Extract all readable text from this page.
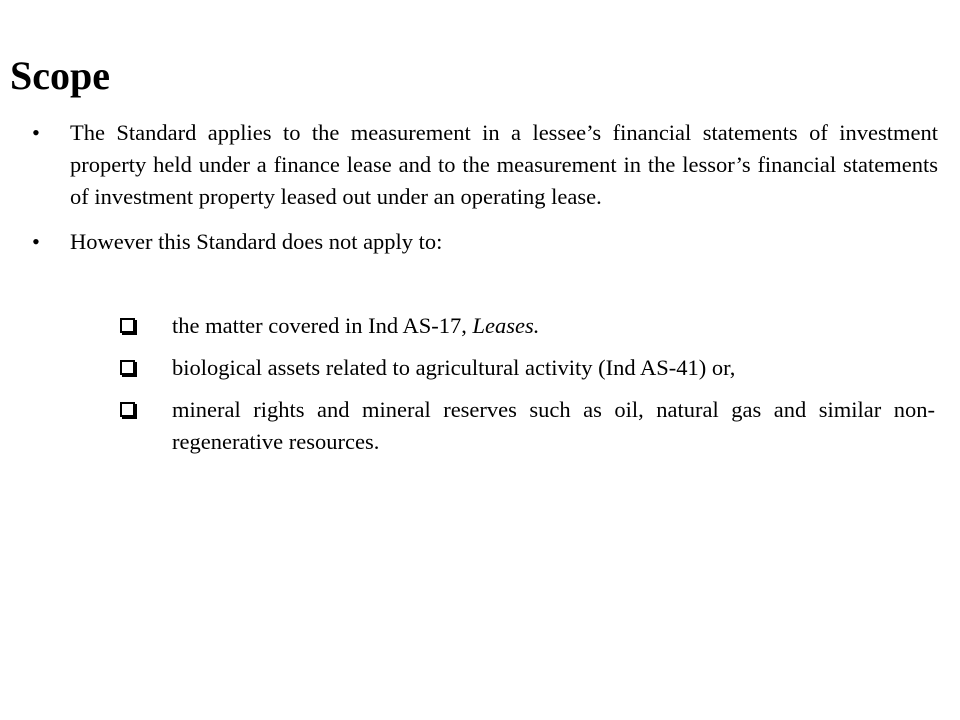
Scope
•	The Standard applies to the measurement in a lessee’s financial statements of investment property held under a finance lease and to the measurement in the lessor’s financial statements of investment property leased out under an operating lease.
•	However this Standard does not apply to:
the matter covered in Ind AS-17, Leases.
biological assets related to agricultural activity (Ind AS-41) or,
mineral rights and mineral reserves such as oil, natural gas and similar non-regenerative resources.
